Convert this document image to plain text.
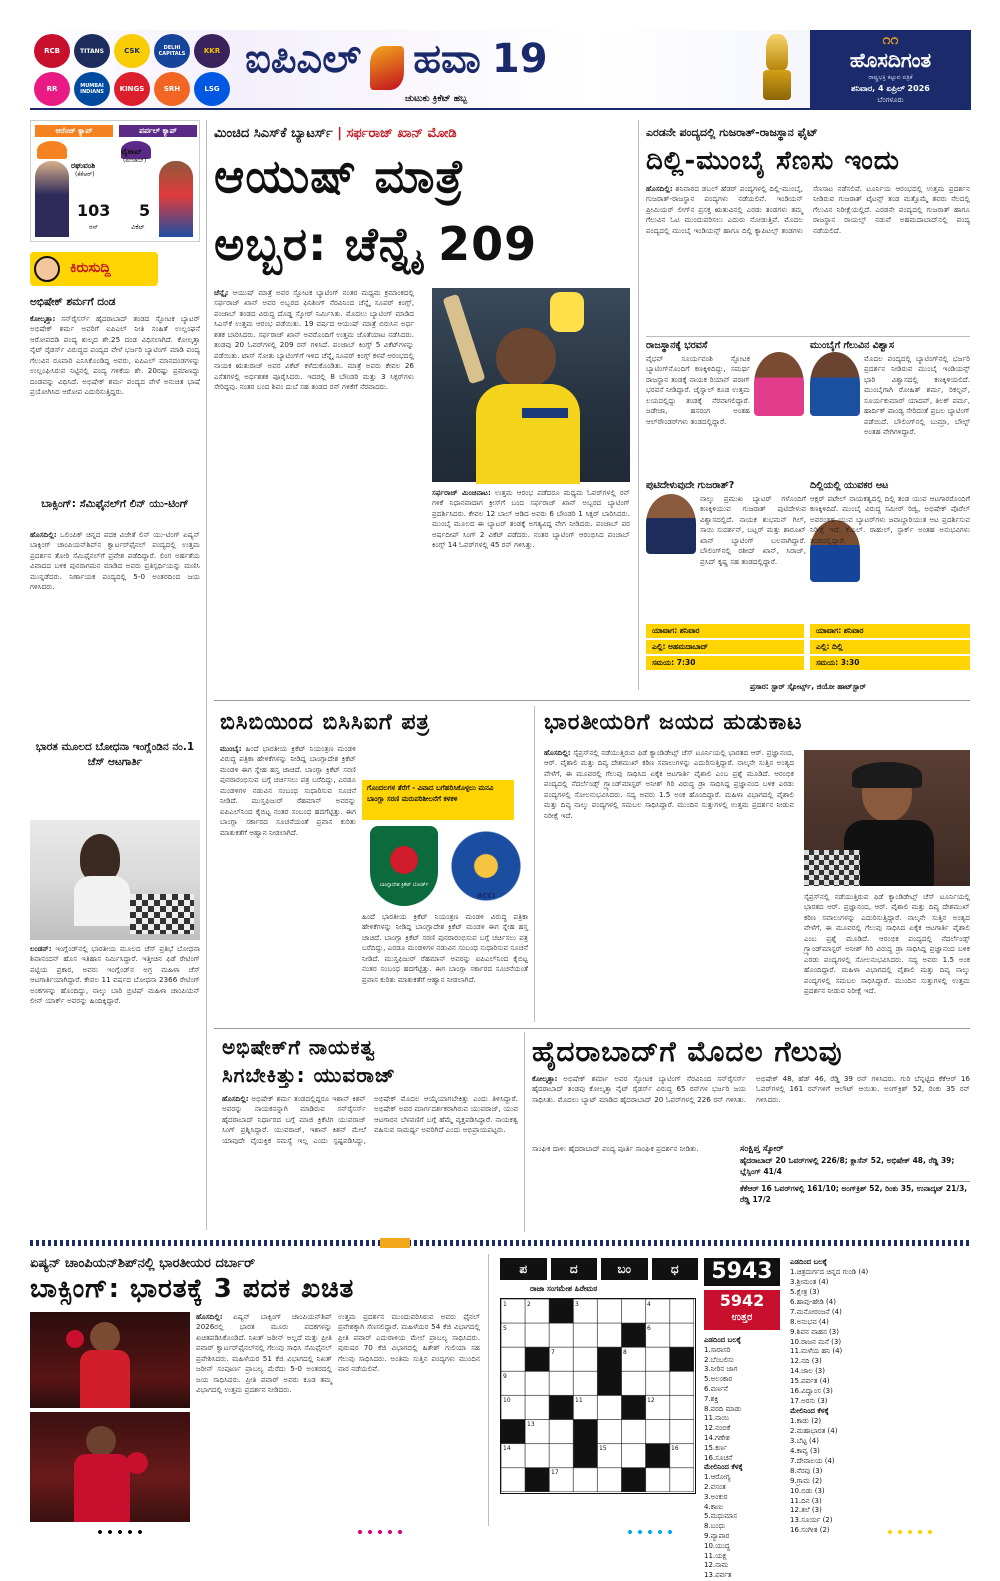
RCB	TITANS	CSK	DELHI CAPITALS	KKR
RR	MUMBAI INDIANS	KINGS	SRH	LSG
ಐಪಿಎಲ್ ಹವಾ 19
ಚುಟುಕು ಕ್ರಿಕೆಟ್ ಹಬ್ಬ
೧೧
ಹೊಸದಿಗಂತ
ರಾಷ್ಟ್ರಭಕ್ತಿ ಕಟ್ಟುವ ಪತ್ರಿಕೆ
ಶನಿವಾರ, 4 ಏಪ್ರಿಲ್ 2026
ಬೆಂಗಳೂರು
ಆರೆಂಜ್ ಕ್ಯಾಪ್	ಪರ್ಪಲ್ ಕ್ಯಾಪ್
ರಘುವಂಶಿ
(ಕೆಕೆಆರ್)
ವೈಶಾಖ್
(ಪಂಜಾಬ್)
103
ರನ್
5
ವಿಕೆಟ್
ಕಿರುಸುದ್ದಿ
ಅಭಿಷೇಕ್ ಶರ್ಮಗೆ ದಂಡ
ಕೋಲ್ಕತ್ತಾ: ಸನ್‌ರೈಸರ್ಸ್ ಹೈದರಾಬಾದ್ ತಂಡದ ಸ್ಫೋಟಕ ಬ್ಯಾಟರ್ ಅಭಿಷೇಕ್ ಶರ್ಮ ಅವರಿಗೆ ಐಪಿಎಲ್ ನೀತಿ ಸಂಹಿತೆ ಉಲ್ಲಂಘನೆ ಆರೋಪದಡಿ ಪಂದ್ಯ ಶುಲ್ಕದ ಶೇ.25 ದಂಡ ವಿಧಿಸಲಾಗಿದೆ. ಕೋಲ್ಕತ್ತಾ ನೈಟ್ ರೈಡರ್ಸ್ ವಿರುದ್ಧದ ಪಂದ್ಯದ ವೇಳೆ ಭರ್ಜರಿ ಬ್ಯಾಟಿಂಗ್ ಮಾಡಿ ಪಂದ್ಯ ಗೆಲುವಿನ ರೂವಾರಿ ಎನಿಸಿಕೊಂಡಿದ್ದ ಅವರು, ಐಪಿಎಲ್ ಮಾನದಂಡಗಳನ್ನು ಉಲ್ಲಂಘಿಸಿರುವ ನಿಟ್ಟಿನಲ್ಲಿ ಪಂದ್ಯ ಗಳಿಕೆಯ ಶೇ. 20ರಷ್ಟು ಪ್ರಮಾಣದ್ದು ದಂಡವನ್ನು ವಿಧಿಸಿದೆ. ಅಭಿಷೇಕ್ ಶರ್ಮ ಪಂದ್ಯದ ವೇಳೆ ಅನುಚಿತ ಭಾಷೆ ಪ್ರಯೋಗಿಸಿದ ಆರೋಪ ಎದುರಿಸುತ್ತಿದ್ದರು.
ಬಾಕ್ಸಿಂಗ್: ಸೆಮಿಫೈನಲ್‌ಗೆ ಲಿನ್ ಯು-ಟಿಂಗ್
ಹೊಸದಿಲ್ಲಿ: ಒಲಿಂಪಿಕ್ ಚಿನ್ನದ ಪದಕ ವಿಜೇತೆ ಲಿನ್ ಯು-ಟಿಂಗ್ ಏಷ್ಯನ್ ಬಾಕ್ಸಿಂಗ್ ಚಾಂಪಿಯನ್‌ಶಿಪ್‌ನ ಕ್ವಾರ್ಟರ್‌ಫೈನಲ್ ಪಂದ್ಯದಲ್ಲಿ ಉತ್ತಮ ಪ್ರದರ್ಶನ ತೋರಿ ಸೆಮಿಫೈನಲ್‌ಗೆ ಪ್ರವೇಶ ಪಡೆದಿದ್ದಾರೆ. ಲಿಂಗ ಅರ್ಹತೆಯ ವಿವಾದದ ಬಳಿಕ ಪುನರಾಗಮನ ಮಾಡಿದ ಅವರು ಪ್ರತಿಸ್ಪರ್ಧಿಯನ್ನು ಮಣಿಸಿ ಮುನ್ನಡೆದರು. ನಿರ್ಣಾಯಕ ಪಂದ್ಯದಲ್ಲಿ 5-0 ಅಂತರದಿಂದ ಜಯ ಗಳಿಸಿದರು.
ಭಾರತ ಮೂಲದ ಬೋಧನಾ ಇಂಗ್ಲೆಂಡಿನ ನಂ.1 ಚೆಸ್ ಆಟಗಾರ್ತಿ
ಲಂಡನ್: ಇಂಗ್ಲೆಂಡ್‌ನಲ್ಲಿ ಭಾರತೀಯ ಮೂಲದ ಚೆಸ್ ಪ್ರತಿಭೆ ಬೋಧನಾ ಶಿವಾನಂದನ್ ಹೊಸ ಇತಿಹಾಸ ನಿರ್ಮಿಸಿದ್ದಾರೆ. ಇತ್ತೀಚಿನ ಫಿಡೆ ರೇಟಿಂಗ್ ಪಟ್ಟಿಯ ಪ್ರಕಾರ, ಅವರು ಇಂಗ್ಲೆಂಡ್‌ನ ಅಗ್ರ ಮಹಿಳಾ ಚೆಸ್ ಆಟಗಾರ್ತಿಯಾಗಿದ್ದಾರೆ. ಕೇವಲ 11 ವರ್ಷದ ಬೋಧನಾ 2366 ರೇಟಿಂಗ್ ಅಂಕಗಳನ್ನು ಹೊಂದಿದ್ದು, ನಾಲ್ಕು ಬಾರಿ ಬ್ರಿಟಿಷ್ ಮಹಿಳಾ ಚಾಂಪಿಯನ್ ಲೀನ್ ಯಾರ್ಕ್ ಅವರನ್ನು ಹಿಂದಿಕ್ಕಿದ್ದಾರೆ.
ಮಿಂಚಿದ ಸಿಎಸ್‌ಕೆ ಬ್ಯಾಟರ್ಸ್ | ಸರ್ಫರಾಜ್ ಖಾನ್ ಮೋಡಿ
ಆಯುಷ್ ಮಾತ್ರೆ
ಅಬ್ಬರ: ಚೆನ್ನೈ 209
ಚೆನ್ನೈ: ಆಯುಷ್ ಮಾತ್ರೆ ಅವರ ಸ್ಫೋಟಕ ಬ್ಯಾಟಿಂಗ್ ನಂತರ ಮಧ್ಯಮ ಕ್ರಮಾಂಕದಲ್ಲಿ ಸರ್ಫರಾಜ್ ಖಾನ್ ಅವರ ಅಬ್ಬರದ ಫಿನಿಶಿಂಗ್ ನೆರವಿನಿಂದ ಚೆನ್ನೈ ಸೂಪರ್ ಕಿಂಗ್ಸ್, ಪಂಜಾಬ್ ತಂಡದ ವಿರುದ್ಧ ದೊಡ್ಡ ಸ್ಕೋರ್ ನಿರ್ಮಿಸಿತು. ಮೊದಲು ಬ್ಯಾಟಿಂಗ್ ಮಾಡಿದ ಸಿಎಸ್‌ಕೆ ಉತ್ತಮ ಆರಂಭ ಪಡೆಯಿತು. 19 ವರ್ಷದ ಆಯುಷ್ ಮಾತ್ರೆ ಬಿರುಸಿನ ಅರ್ಧ ಶತಕ ಬಾರಿಸಿದರು. ಸರ್ಫರಾಜ್ ಖಾನ್ ಅವರೊಂದಿಗೆ ಉತ್ತಮ ಜೊತೆಯಾಟ ನಡೆಸಿದರು. ತಂಡವು 20 ಓವರ್‌ಗಳಲ್ಲಿ 209 ರನ್ ಗಳಿಸಿದೆ. ಪಂಜಾಬ್ ಕಿಂಗ್ಸ್ 5 ವಿಕೆಟ್‌ಗಳನ್ನು ಪಡೆಯಿತು. ಟಾಸ್ ಸೋತು ಬ್ಯಾಟಿಂಗ್‌ಗೆ ಇಳಿದ ಚೆನ್ನೈ ಸೂಪರ್ ಕಿಂಗ್ಸ್ ಕಳಪೆ ಆರಂಭದಲ್ಲಿ ನಾಯಕ ಋತುರಾಜ್ ಅವರ ವಿಕೆಟ್ ಕಳೆದುಕೊಂಡಿತು. ಮಾತ್ರೆ ಅವರು ಕೇವಲ 26 ಎಸೆತಗಳಲ್ಲಿ ಅರ್ಧಶತಕ ಪೂರೈಸಿದರು. ಇದರಲ್ಲಿ 8 ಬೌಂಡರಿ ಮತ್ತು 3 ಸಿಕ್ಸರ್‌ಗಳು ಸೇರಿದ್ದವು. ನಂತರ ಬಂದ ಶಿವಂ ದುಬೆ ಸಹ ತಂಡದ ರನ್ ಗಳಿಕೆಗೆ ನೆರವಾದರು.
ಸರ್ಫರಾಜ್ ಮಿಂಚಿನಾಟ: ಉತ್ತಮ ಆರಂಭ ಪಡೆದರೂ ಮಧ್ಯಮ ಓವರ್‌ಗಳಲ್ಲಿ ರನ್ ಗಳಿಕೆ ನಿಧಾನವಾದಾಗ ಕ್ರೀಸ್‌ಗೆ ಬಂದ ಸರ್ಫರಾಜ್ ಖಾನ್ ಅಬ್ಬರದ ಬ್ಯಾಟಿಂಗ್ ಪ್ರದರ್ಶಿಸಿದರು. ಕೇವಲ 12 ಬಾಲ್ ಆಡಿದ ಅವರು 6 ಬೌಂಡರಿ 1 ಸಿಕ್ಸರ್ ಬಾರಿಸಿದರು. ಮುಂಬೈ ಮೂಲದ ಈ ಬ್ಯಾಟರ್ ತಂಡಕ್ಕೆ ಅಗತ್ಯವಿದ್ದ ವೇಗ ನೀಡಿದರು. ಪಂಜಾಬ್ ಪರ ಅರ್ಷದೀಪ್ ಸಿಂಗ್ 2 ವಿಕೆಟ್ ಪಡೆದರು. ನಂತರ ಬ್ಯಾಟಿಂಗ್ ಆರಂಭಿಸಿದ ಪಂಜಾಬ್ ಕಿಂಗ್ಸ್ 14 ಓವರ್‌ಗಳಲ್ಲಿ 45 ರನ್ ಗಳಿಸಿತ್ತು.
ಎರಡನೇ ಪಂದ್ಯದಲ್ಲಿ ಗುಜರಾತ್-ರಾಜಸ್ಥಾನ ಫೈಟ್
ದಿಲ್ಲಿ-ಮುಂಬೈ ಸೆಣಸು ಇಂದು
ಹೊಸದಿಲ್ಲಿ: ಶನಿವಾರದ ಡಬಲ್ ಹೆಡರ್ ಪಂದ್ಯಗಳಲ್ಲಿ ದಿಲ್ಲಿ-ಮುಂಬೈ, ಗುಜರಾತ್-ರಾಜಸ್ಥಾನ ಪಂದ್ಯಗಳು ನಡೆಯಲಿವೆ. ಇಂಡಿಯನ್ ಪ್ರೀಮಿಯರ್ ಲೀಗ್‌ನ ಪ್ರಸಕ್ತ ಋತುವಿನಲ್ಲಿ ಎರಡು ತಂಡಗಳು ತಮ್ಮ ಗೆಲುವಿನ ಓಟ ಮುಂದುವರಿಸಲು ಎದುರು ನೋಡುತ್ತಿವೆ. ಮೊದಲ ಪಂದ್ಯದಲ್ಲಿ ಮುಂಬೈ ಇಂಡಿಯನ್ಸ್ ಹಾಗೂ ದಿಲ್ಲಿ ಕ್ಯಾಪಿಟಲ್ಸ್ ತಂಡಗಳು ಸೆಣಸಾಟ ನಡೆಸಲಿವೆ. ಟೂರ್ನಿಯ ಆರಂಭದಲ್ಲಿ ಉತ್ತಮ ಪ್ರದರ್ಶನ ನೀಡಿರುವ ಗುಜರಾತ್ ಟೈಟನ್ಸ್ ತಂಡ ಮತ್ತೊಮ್ಮೆ ತವರು ನೆಲದಲ್ಲಿ ಗೆಲುವಿನ ನಿರೀಕ್ಷೆಯಲ್ಲಿದೆ. ಎರಡನೇ ಪಂದ್ಯದಲ್ಲಿ ಗುಜರಾತ್ ಹಾಗೂ ರಾಜಸ್ಥಾನ ರಾಯಲ್ಸ್ ನಡುವೆ ಅಹಮದಾಬಾದ್‌ನಲ್ಲಿ ಪಂದ್ಯ ನಡೆಯಲಿದೆ.
ರಾಜಸ್ಥಾನಕ್ಕೆ ಭರವಸೆ
ವೈಭವ್ ಸೂರ್ಯವಂಶಿ ಸ್ಫೋಟಕ ಬ್ಯಾಟಿಂಗ್‌ನೊಂದಿಗೆ ಕಣಕ್ಕಿಳಿದಿದ್ದು, ಸಮರ್ಥ ರಾಜಸ್ಥಾನ ತಂಡಕ್ಕೆ ನಾಯಕ ರಿಯಾನ್ ಪರಾಗ್ ಭರವಸೆ ನೀಡಿದ್ದಾರೆ. ಜೈಸ್ವಾಲ್ ಕೂಡ ಉತ್ತಮ ಲಯದಲ್ಲಿದ್ದು ತಂಡಕ್ಕೆ ನೆರವಾಗಲಿದ್ದಾರೆ. ಜಡೇಜಾ, ಹಸರಂಗ ಅಂತಹ ಆಲ್‌ರೌಂಡರ್‌ಗಳು ತಂಡದಲ್ಲಿದ್ದಾರೆ.
ಮುಂಬೈಗೆ ಗೆಲುವಿನ ವಿಶ್ವಾಸ
ಮೊದಲ ಪಂದ್ಯದಲ್ಲಿ ಬ್ಯಾಟಿಂಗ್‌ನಲ್ಲಿ ಭರ್ಜರಿ ಪ್ರದರ್ಶನ ನೀಡಿರುವ ಮುಂಬೈ ಇಂಡಿಯನ್ಸ್ ಭಾರಿ ವಿಶ್ವಾಸದಲ್ಲಿ ಕಣಕ್ಕಿಳಿಯಲಿದೆ. ಮುಂಬೈಗಾಗಿ ರೋಹಿತ್ ಶರ್ಮ, ರಿಕಲ್ಟನ್, ಸೂರ್ಯಕುಮಾರ್ ಯಾದವ್, ತಿಲಕ್ ವರ್ಮ, ಹಾರ್ದಿಕ್ ಪಾಂಡ್ಯ ಸೇರಿದಂತೆ ಪ್ರಬಲ ಬ್ಯಾಟಿಂಗ್ ಪಡೆಯಿದೆ. ಬೌಲಿಂಗ್‌ನಲ್ಲಿ ಬುಮ್ರಾ, ಬೌಲ್ಟ್ ಅಂತಹ ವೇಗಿಗಳಿದ್ದಾರೆ.
ಪುಟಿದೇಳುವುದೇ ಗುಜರಾತ್?
ನಾಲ್ಕು ಪ್ರಮುಖ ಬ್ಯಾಟರ್ ಗಳೊಂದಿಗೆ ಕಣಕ್ಕಿಳಿಯುವ ಗುಜರಾತ್ ಪುಟಿದೇಳುವ ವಿಶ್ವಾಸದಲ್ಲಿದೆ. ನಾಯಕ ಶುಭಮನ್ ಗಿಲ್, ಸಾಯಿ ಸುದರ್ಶನ್, ಬಟ್ಲರ್ ಮತ್ತು ಶಾರೂಖ್ ಖಾನ್ ಬ್ಯಾಟಿಂಗ್ ಬಲವಾಗಿದ್ದಾರೆ. ಬೌಲಿಂಗ್‌ನಲ್ಲಿ ರಶೀದ್ ಖಾನ್, ಸಿರಾಜ್, ಪ್ರಸಿದ್ ಕೃಷ್ಣ ಸಹ ತಂಡದಲ್ಲಿದ್ದಾರೆ.
ದಿಲ್ಲಿಯಲ್ಲಿ ಯುವಕರ ಆಟ
ಆಕ್ಷರ್ ಪಟೇಲ್ ನಾಯಕತ್ವದಲ್ಲಿ ದಿಲ್ಲಿ ತಂಡ ಯುವ ಆಟಗಾರರೊಂದಿಗೆ ಕಣಕ್ಕಿಳಿದಿದೆ. ಮುಂಬೈ ವಿರುದ್ಧ ಸಮೀರ್ ರಿಜ್ವಿ, ಅಭಿಷೇಕ್ ಪೊರೆಲ್ ಅವರಂತಹ ಯುವ ಬ್ಯಾಟರ್‌ಗಳು ಜವಾಬ್ದಾರಿಯುತ ಆಟ ಪ್ರದರ್ಶಿಸುವ ನಿರೀಕ್ಷೆ ಇದೆ. ಕೆ.ಎಲ್. ರಾಹುಲ್, ಸ್ಟಾರ್ಕ್ ಅಂತಹ ಅನುಭವಿಗಳು ತಂಡದಲ್ಲಿದ್ದಾರೆ.
ಯಾವಾಗ: ಶನಿವಾರ
ಎಲ್ಲಿ: ಅಹಮದಾಬಾದ್
ಸಮಯ: 7:30
ಯಾವಾಗ: ಶನಿವಾರ
ಎಲ್ಲಿ: ದಿಲ್ಲಿ
ಸಮಯ: 3:30
ಪ್ರಸಾರ: ಸ್ಟಾರ್ ಸ್ಪೋರ್ಟ್ಸ್, ಜಿಯೋ ಹಾಟ್‌ಸ್ಟಾರ್
ಬಿಸಿಬಿಯಿಂದ ಬಿಸಿಸಿಐಗೆ ಪತ್ರ
ಮುಂಬೈ: ಹಿಂದೆ ಭಾರತೀಯ ಕ್ರಿಕೆಟ್ ನಿಯಂತ್ರಣ ಮಂಡಳಿ ವಿರುದ್ಧ ಪತ್ರಿಕಾ ಹೇಳಿಕೆಗಳನ್ನು ನೀಡಿದ್ದ ಬಾಂಗ್ಲಾದೇಶ ಕ್ರಿಕೆಟ್ ಮಂಡಳಿ ಈಗ ಸ್ನೇಹ ಹಸ್ತ ಚಾಚಿದೆ. ಬಾಂಗ್ಲಾ ಕ್ರಿಕೆಟ್ ಸರಣಿ ಪುನರಾರಂಭಿಸುವ ಬಗ್ಗೆ ಚರ್ಚಿಸಲು ಪತ್ರ ಬರೆದಿದ್ದು, ಎರಡೂ ಮಂಡಳಿಗಳ ನಡುವಿನ ಸಂಬಂಧ ಸುಧಾರಿಸುವ ಸೂಚನೆ ನೀಡಿದೆ. ಮುಸ್ತಫಿಜುರ್ ರೆಹಮಾನ್ ಅವರನ್ನು ಐಪಿಎಲ್‌ನಿಂದ ಕೈಬಿಟ್ಟ ನಂತರ ಸಂಬಂಧ ಹದಗೆಟ್ಟಿತ್ತು. ಈಗ ಬಾಂಗ್ಲಾ ಸರ್ಕಾರದ ಸೂಚನೆಯಂತೆ ಪ್ರವಾಸ ಕುರಿತು ಮಾತುಕತೆಗೆ ಆಹ್ವಾನ ನೀಡಲಾಗಿದೆ.
ಗೊಂದಲಗಳ ತೆರೆಗೆ - ವಿವಾದ ಬಗೆಹರಿಸಿಕೊಳ್ಳಲು ಮನವಿ
ಬಾಂಗ್ಲಾ ಸರಣಿ ಮರುಪರಿಶೀಲನೆಗೆ ಕಳಕಳಿ
ಬಾಂಗ್ಲಾದೇಶ ಕ್ರಿಕೆಟ್ ಬೋರ್ಡ್
BCCI
ಹಿಂದೆ ಭಾರತೀಯ ಕ್ರಿಕೆಟ್ ನಿಯಂತ್ರಣ ಮಂಡಳಿ ವಿರುದ್ಧ ಪತ್ರಿಕಾ ಹೇಳಿಕೆಗಳನ್ನು ನೀಡಿದ್ದ ಬಾಂಗ್ಲಾದೇಶ ಕ್ರಿಕೆಟ್ ಮಂಡಳಿ ಈಗ ಸ್ನೇಹ ಹಸ್ತ ಚಾಚಿದೆ. ಬಾಂಗ್ಲಾ ಕ್ರಿಕೆಟ್ ಸರಣಿ ಪುನರಾರಂಭಿಸುವ ಬಗ್ಗೆ ಚರ್ಚಿಸಲು ಪತ್ರ ಬರೆದಿದ್ದು, ಎರಡೂ ಮಂಡಳಿಗಳ ನಡುವಿನ ಸಂಬಂಧ ಸುಧಾರಿಸುವ ಸೂಚನೆ ನೀಡಿದೆ. ಮುಸ್ತಫಿಜುರ್ ರೆಹಮಾನ್ ಅವರನ್ನು ಐಪಿಎಲ್‌ನಿಂದ ಕೈಬಿಟ್ಟ ನಂತರ ಸಂಬಂಧ ಹದಗೆಟ್ಟಿತ್ತು. ಈಗ ಬಾಂಗ್ಲಾ ಸರ್ಕಾರದ ಸೂಚನೆಯಂತೆ ಪ್ರವಾಸ ಕುರಿತು ಮಾತುಕತೆಗೆ ಆಹ್ವಾನ ನೀಡಲಾಗಿದೆ.
ಭಾರತೀಯರಿಗೆ ಜಯದ ಹುಡುಕಾಟ
ಹೊಸದಿಲ್ಲಿ: ಸೈಪ್ರಸ್‌ನಲ್ಲಿ ನಡೆಯುತ್ತಿರುವ ಫಿಡೆ ಕ್ಯಾಂಡಿಡೇಟ್ಸ್ ಚೆಸ್ ಟೂರ್ನಿಯಲ್ಲಿ ಭಾರತದ ಆರ್. ಪ್ರಜ್ಞಾನಂದ, ಆರ್. ವೈಶಾಲಿ ಮತ್ತು ದಿವ್ಯ ದೇಶಮುಖ್ ಕಠಿಣ ಸವಾಲುಗಳನ್ನು ಎದುರಿಸುತ್ತಿದ್ದಾರೆ. ನಾಲ್ಕನೇ ಸುತ್ತಿನ ಅಂತ್ಯದ ವೇಳೆಗೆ, ಈ ಮೂವರಲ್ಲಿ ಗೆಲುವು ಸಾಧಿಸಿದ ಏಕೈಕ ಆಟಗಾರ್ತಿ ವೈಶಾಲಿ ಎಂಬ ಪ್ರಶ್ನೆ ಮೂಡಿದೆ. ಆರಂಭಿಕ ಪಂದ್ಯದಲ್ಲಿ ನೆದರ್ಲೆಂಡ್ಸ್ ಗ್ರ್ಯಾಂಡ್‌ಮಾಸ್ಟರ್ ಅನೀಶ್ ಗಿರಿ ವಿರುದ್ಧ ಡ್ರಾ ಸಾಧಿಸಿದ್ದ ಪ್ರಜ್ಞಾನಂದ ಬಳಿಕ ಎರಡು ಪಂದ್ಯಗಳಲ್ಲಿ ಸೋಲನುಭವಿಸಿದರು. ಸದ್ಯ ಅವರು 1.5 ಅಂಕ ಹೊಂದಿದ್ದಾರೆ. ಮಹಿಳಾ ವಿಭಾಗದಲ್ಲಿ ವೈಶಾಲಿ ಮತ್ತು ದಿವ್ಯ ನಾಲ್ಕು ಪಂದ್ಯಗಳಲ್ಲಿ ಸಮಬಲ ಸಾಧಿಸಿದ್ದಾರೆ. ಮುಂದಿನ ಸುತ್ತುಗಳಲ್ಲಿ ಉತ್ತಮ ಪ್ರದರ್ಶನ ನೀಡುವ ನಿರೀಕ್ಷೆ ಇದೆ.
ಸೈಪ್ರಸ್‌ನಲ್ಲಿ ನಡೆಯುತ್ತಿರುವ ಫಿಡೆ ಕ್ಯಾಂಡಿಡೇಟ್ಸ್ ಚೆಸ್ ಟೂರ್ನಿಯಲ್ಲಿ ಭಾರತದ ಆರ್. ಪ್ರಜ್ಞಾನಂದ, ಆರ್. ವೈಶಾಲಿ ಮತ್ತು ದಿವ್ಯ ದೇಶಮುಖ್ ಕಠಿಣ ಸವಾಲುಗಳನ್ನು ಎದುರಿಸುತ್ತಿದ್ದಾರೆ. ನಾಲ್ಕನೇ ಸುತ್ತಿನ ಅಂತ್ಯದ ವೇಳೆಗೆ, ಈ ಮೂವರಲ್ಲಿ ಗೆಲುವು ಸಾಧಿಸಿದ ಏಕೈಕ ಆಟಗಾರ್ತಿ ವೈಶಾಲಿ ಎಂಬ ಪ್ರಶ್ನೆ ಮೂಡಿದೆ. ಆರಂಭಿಕ ಪಂದ್ಯದಲ್ಲಿ ನೆದರ್ಲೆಂಡ್ಸ್ ಗ್ರ್ಯಾಂಡ್‌ಮಾಸ್ಟರ್ ಅನೀಶ್ ಗಿರಿ ವಿರುದ್ಧ ಡ್ರಾ ಸಾಧಿಸಿದ್ದ ಪ್ರಜ್ಞಾನಂದ ಬಳಿಕ ಎರಡು ಪಂದ್ಯಗಳಲ್ಲಿ ಸೋಲನುಭವಿಸಿದರು. ಸದ್ಯ ಅವರು 1.5 ಅಂಕ ಹೊಂದಿದ್ದಾರೆ. ಮಹಿಳಾ ವಿಭಾಗದಲ್ಲಿ ವೈಶಾಲಿ ಮತ್ತು ದಿವ್ಯ ನಾಲ್ಕು ಪಂದ್ಯಗಳಲ್ಲಿ ಸಮಬಲ ಸಾಧಿಸಿದ್ದಾರೆ. ಮುಂದಿನ ಸುತ್ತುಗಳಲ್ಲಿ ಉತ್ತಮ ಪ್ರದರ್ಶನ ನೀಡುವ ನಿರೀಕ್ಷೆ ಇದೆ.
ಅಭಿಷೇಕ್‌ಗೆ ನಾಯಕತ್ವ
ಸಿಗಬೇಕಿತ್ತು: ಯುವರಾಜ್
ಹೊಸದಿಲ್ಲಿ: ಅಭಿಷೇಕ್ ಶರ್ಮ ತಂಡದಲ್ಲಿದ್ದರೂ ಇಶಾನ್ ಕಿಶನ್ ಅವರನ್ನು ನಾಯಕನನ್ನಾಗಿ ಮಾಡಿರುವ ಸನ್‌ರೈಸರ್ಸ್ ಹೈದರಾಬಾದ್ ನಿರ್ಧಾರದ ಬಗ್ಗೆ ಮಾಜಿ ಕ್ರಿಕೆಟಿಗ ಯುವರಾಜ್ ಸಿಂಗ್ ಪ್ರಶ್ನಿಸಿದ್ದಾರೆ. ಯುವರಾಜ್, ಇಶಾನ್ ಕಿಶನ್ ಮೇಲೆ ಯಾವುದೇ ವೈಯಕ್ತಿಕ ಸಮಸ್ಯೆ ಇಲ್ಲ ಎಂದು ಸ್ಪಷ್ಟಪಡಿಸಿದ್ದು, ಅಭಿಷೇಕ್ ಮೊದಲ ಆಯ್ಕೆಯಾಗಬೇಕಿತ್ತು ಎಂದು ತಿಳಿಸಿದ್ದಾರೆ. ಅಭಿಷೇಕ್ ಅವರ ಮಾರ್ಗದರ್ಶಕರಾಗಿರುವ ಯುವರಾಜ್, ಯುವ ಆಟಗಾರನ ಬೆಳವಣಿಗೆ ಬಗ್ಗೆ ಹೆಮ್ಮೆ ವ್ಯಕ್ತಪಡಿಸಿದ್ದಾರೆ. ನಾಯಕತ್ವ ವಹಿಸುವ ಸಾಮರ್ಥ್ಯ ಅವರಿಗಿದೆ ಎಂದು ಅಭಿಪ್ರಾಯಪಟ್ಟರು.
ಹೈದರಾಬಾದ್‌ಗೆ ಮೊದಲ ಗೆಲುವು
ಕೋಲ್ಕತ್ತಾ: ಅಭಿಷೇಕ್ ಶರ್ಮಾ ಅವರ ಸ್ಫೋಟಕ ಬ್ಯಾಟಿಂಗ್ ನೆರವಿನಿಂದ ಸನ್‌ರೈಸರ್ಸ್ ಹೈದರಾಬಾದ್ ತಂಡವು ಕೋಲ್ಕತ್ತಾ ನೈಟ್ ರೈಡರ್ಸ್ ವಿರುದ್ಧ 65 ರನ್‌ಗಳ ಭರ್ಜರಿ ಜಯ ಸಾಧಿಸಿತು. ಮೊದಲು ಬ್ಯಾಟ್ ಮಾಡಿದ ಹೈದರಾಬಾದ್ 20 ಓವರ್‌ಗಳಲ್ಲಿ 226 ರನ್ ಗಳಿಸಿತು. ಅಭಿಷೇಕ್ 48, ಹೆಡ್ 46, ರೆಡ್ಡಿ 39 ರನ್ ಗಳಿಸಿದರು. ಗುರಿ ಬೆನ್ನಟ್ಟಿದ ಕೆಕೆಆರ್ 16 ಓವರ್‌ಗಳಲ್ಲಿ 161 ರನ್‌ಗಳಿಗೆ ಆಲೌಟ್ ಆಯಿತು. ಅಂಗ್‌ಕ್ರಿಶ್ 52, ರಿಂಕು 35 ರನ್ ಗಳಿಸಿದರು.
ಸಂಕ್ಷಿಪ್ತ ಸ್ಕೋರ್
ಹೈದರಾಬಾದ್ 20 ಓವರ್‌ಗಳಲ್ಲಿ 226/8; ಕ್ಲಾಸೆನ್ 52, ಅಭಿಷೇಕ್ 48, ರೆಡ್ಡಿ 39; ಬ್ಲೆಸ್ಸಿಂಗ್ 41/4
ಕೆಕೆಆರ್ 16 ಓವರ್‌ಗಳಲ್ಲಿ 161/10; ಅಂಗ್‌ಕ್ರಿಶ್ 52, ರಿಂಕು 35, ಉನಾದ್ಕಟ್ 21/3, ರೆಡ್ಡಿ 17/2
ಸಾಂಘಿಕ ದಾಳಿ: ಹೈದರಾಬಾದ್ ಪಂದ್ಯ ಪೂರ್ತಿ ಸಾಂಘಿಕ ಪ್ರದರ್ಶನ ನೀಡಿತು.
ಏಷ್ಯನ್ ಚಾಂಪಿಯನ್‌ಶಿಪ್‌ನಲ್ಲಿ ಭಾರತೀಯರ ದರ್ಬಾರ್
ಬಾಕ್ಸಿಂಗ್: ಭಾರತಕ್ಕೆ 3 ಪದಕ ಖಚಿತ
ಹೊಸದಿಲ್ಲಿ: ಏಷ್ಯನ್ ಬಾಕ್ಸಿಂಗ್ ಚಾಂಪಿಯನ್‌ಶಿಪ್ 2026ರಲ್ಲಿ ಭಾರತ ಮೂರು ಪದಕಗಳನ್ನು ಖಚಿತಪಡಿಸಿಕೊಂಡಿದೆ. ನಿಖತ್ ಜರೀನ್ ಅಲ್ಲದೆ ಮತ್ತು ಪ್ರೀತಿ ಪವಾರ್ ಕ್ವಾರ್ಟರ್‌ಫೈನಲ್‌ನಲ್ಲಿ ಗೆಲುವು ಸಾಧಿಸಿ ಸೆಮಿಫೈನಲ್ ಪ್ರವೇಶಿಸಿದರು. ಮಹಿಳೆಯರ 51 ಕೆಜಿ ವಿಭಾಗದಲ್ಲಿ ನಿಖತ್ ಜರೀನ್ ಸಂಪೂರ್ಣ ಪ್ರಾಬಲ್ಯ ಮೆರೆದು 5-0 ಅಂತರದಲ್ಲಿ ಜಯ ಸಾಧಿಸಿದರು. ಪ್ರೀತಿ ಪವಾರ್ ಅವರು ಕೂಡ ತಮ್ಮ ವಿಭಾಗದಲ್ಲಿ ಉತ್ತಮ ಪ್ರದರ್ಶನ ನೀಡಿದರು.
ಉತ್ತಮ ಪ್ರದರ್ಶನ ಮುಂದುವರಿಸಿರುವ ಅವರು ಫೈನಲ್ ಪ್ರವೇಶಕ್ಕಾಗಿ ಸೆಣಸಲಿದ್ದಾರೆ. ಮಹಿಳೆಯರ 54 ಕೆಜಿ ವಿಭಾಗದಲ್ಲಿ ಪ್ರೀತಿ ಪವಾರ್ ಎದುರಾಳಿಯ ಮೇಲೆ ಪ್ರಾಬಲ್ಯ ಸಾಧಿಸಿದರು. ಪುರುಷರ 70 ಕೆಜಿ ವಿಭಾಗದಲ್ಲಿ ಹಿತೇಶ್ ಗುಲಿಯಾ ಸಹ ಗೆಲುವು ಸಾಧಿಸಿದರು. ಅಂತಿಮ ಸುತ್ತಿನ ಪಂದ್ಯಗಳು ಮುಂದಿನ ವಾರ ನಡೆಯಲಿವೆ.
ಪ	ದ	ಬಂ	ಧ
ರಾಜಾ ಸಂಗಮೇಶ ಹಿರೇಮಠ
1	2	3	4
5	6
7	8
9
10	11	12
13
14	15	16
17
5943
5942
ಉತ್ತರ
ಎಡದಿಂದ ಬಲಕ್ಕೆ
1.ಸಾರಾಸರಿ
2.ಬೆಂಬಲಿಸು
3.ನೀರಿನ ಜಾಗ
5.ಅಲಂಕಾರ
6.ವರ್ಣನೆ
7.ಶಕ್ತಿ
8.ವರದಿ ಮಾಡು
11.ನಾಯಿ
12.ನಂಬಿಕೆ
14.ಗಣೇಶ
15.ಕರ್ಣ
16.ಸೂಚನೆ
ಮೇಲಿನಿಂದ ಕೆಳಕ್ಕೆ
1.ಆರೋಗ್ಯ
2.ವಸಂತ
3.ಅಂಕುರ
4.ಕಾಣು
5.ಮಧುಮಾಸ
8.ಬಂಧು
9.ವ್ಯಾಪಾರ
10.ಯುದ್ಧ
11.ಯಕ್ಷ
12.ನಾಮ
13.ಪರ್ವತ
ಎಡದಿಂದ ಬಲಕ್ಕೆ
1.ಚಿತ್ರದುರ್ಗದ ಚಿನ್ನದ ಗುಂಡಿ (4)
3.ಶ್ರೀಮಂತ (4)
5.ಕ್ಷೇತ್ರ (3)
6.ಹಾವು-ಹೇಡಿ (4)
7.ಮನೋರಂಜನೆ (4)
8.ಅನುಭವ (4)
9.ಶಿವನ ವಾಹನ (3)
10.ರಾಜನ ಮನೆ (3)
11.ಮಳೆಯ ಹನಿ (4)
12.ನದಿ (3)
14.ಜಾಲ (3)
15.ಪರ್ವತ (4)
16.ವಿದ್ವಾಂಸ (3)
17.ಅರಸು (3)
ಮೇಲಿನಿಂದ ಕೆಳಕ್ಕೆ
1.ಕಾಡು (2)
2.ಮಹಾಭಾರತ (4)
3.ಬೆಟ್ಟ (4)
4.ಕಾವ್ಯ (3)
7.ದೇವಾಲಯ (4)
8.ನೆರವು (3)
9.ಗ್ರಾಮ (2)
10.ಬಿಡು (3)
11.ದಿನ (3)
12.ತಲೆ (3)
13.ಸೂರ್ಯ (2)
16.ಸಂಗೀತ (2)
